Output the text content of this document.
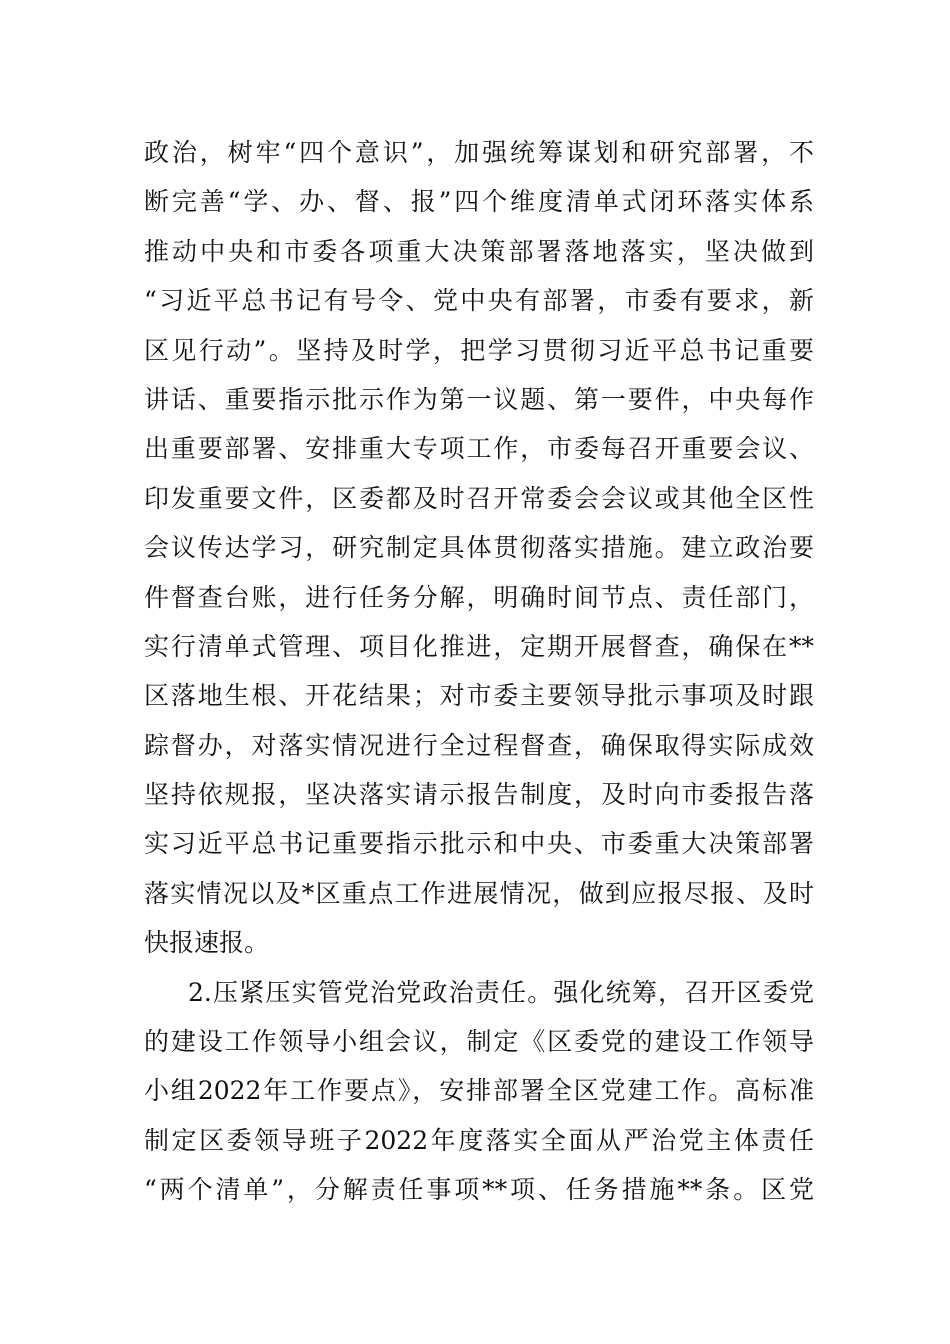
政治，树牢“四个意识”，加强统筹谋划和研究部署，不
断完善“学、办、督、报”四个维度清单式闭环落实体系
推动中央和市委各项重大决策部署落地落实，坚决做到
“习近平总书记有号令、党中央有部署，市委有要求，新
区见行动”。坚持及时学，把学习贯彻习近平总书记重要
讲话、重要指示批示作为第一议题、第一要件，中央每作
出重要部署、安排重大专项工作，市委每召开重要会议、
印发重要文件，区委都及时召开常委会会议或其他全区性
会议传达学习，研究制定具体贯彻落实措施。建立政治要
件督查台账，进行任务分解，明确时间节点、责任部门，
实行清单式管理、项目化推进，定期开展督查，确保在**
区落地生根、开花结果；对市委主要领导批示事项及时跟
踪督办，对落实情况进行全过程督查，确保取得实际成效
坚持依规报，坚决落实请示报告制度，及时向市委报告落
实习近平总书记重要指示批示和中央、市委重大决策部署
落实情况以及*区重点工作进展情况，做到应报尽报、及时
快报速报。
2.压紧压实管党治党政治责任。强化统筹，召开区委党
的建设工作领导小组会议，制定《区委党的建设工作领导
小组2022年工作要点》，安排部署全区党建工作。高标准
制定区委领导班子2022年度落实全面从严治党主体责任
“两个清单”，分解责任事项**项、任务措施**条。区党
